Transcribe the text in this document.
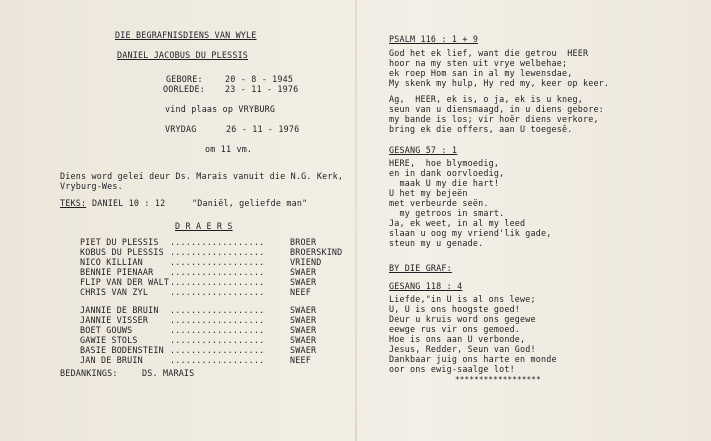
DIE BEGRAFNISDIENS VAN WYLE
DANIEL JACOBUS DU PLESSIS
GEBORE:	20 - 8 - 1945
OORLEDE: 23 - 11 - 1976
vind plaas op VRYBURG
VRYDAG	26 - 11 - 1976
om 11 vm.
Diens word gelei deur Ds. Marais vanuit die N.G. Kerk,
Vryburg-Wes.
TEKS: DANIEL 10 : 12	"Daniël, geliefde man"
D R A E R S
PIET DU PLESSIS ..................	BROER
KOBUS DU PLESSIS ..................	BROERSKIND
NICO KILLIAN	..................	VRIEND
BENNIE PIENAAR ..................	SWAER
FLIP VAN DER WALT ..................	SWAER
CHRIS VAN ZYL	..................	NEEF
JANNIE DE BRUIN ..................	SWAER
JANNIE VISSER	..................	SWAER
BOET GOUWS	..................	SWAER
GAWIE STOLS	..................	SWAER
BASIE BODENSTEIN ..................	SWAER
JAN DE BRUIN	..................	NEEF
BEDANKINGS:	DS. MARAIS
PSALM 116 : 1 + 9
God het ek lief, want die getrou  HEER
hoor na my sten uit vrye welbehae;
ek roep Hom san in al my lewensdae,
My skenk my hulp, Hy red my, keer op keer.
Ag,  HEER, ek is, o ja, ek is u kneg,
seun van u diensmaagd, in u diens gebore:
my bande is los; vir hoër diens verkore,
bring ek die offers, aan U toegesê.
GESANG 57 : 1
HERE,  hoe blymoedig,
en in dank oorvloedig,
maak U my die hart!
U het my bejeën
met verbeurde seën.
my getroos in smart.
Ja, ek weet, in al my leed
slaan u oog my vriend'lik gade,
steun my u genade.
BY DIE GRAF:
GESANG 118 : 4
Liefde,"in U is al ons lewe;
U, U is ons hoogste goed!
Deur u kruis word ons gegewe
eewge rus vir ons gemoed.
Hoe is ons aan U verbonde,
Jesus, Redder, Seun van God!
Dankbaar juig ons harte en monde
oor ons ewig-saalge lot!
******************
